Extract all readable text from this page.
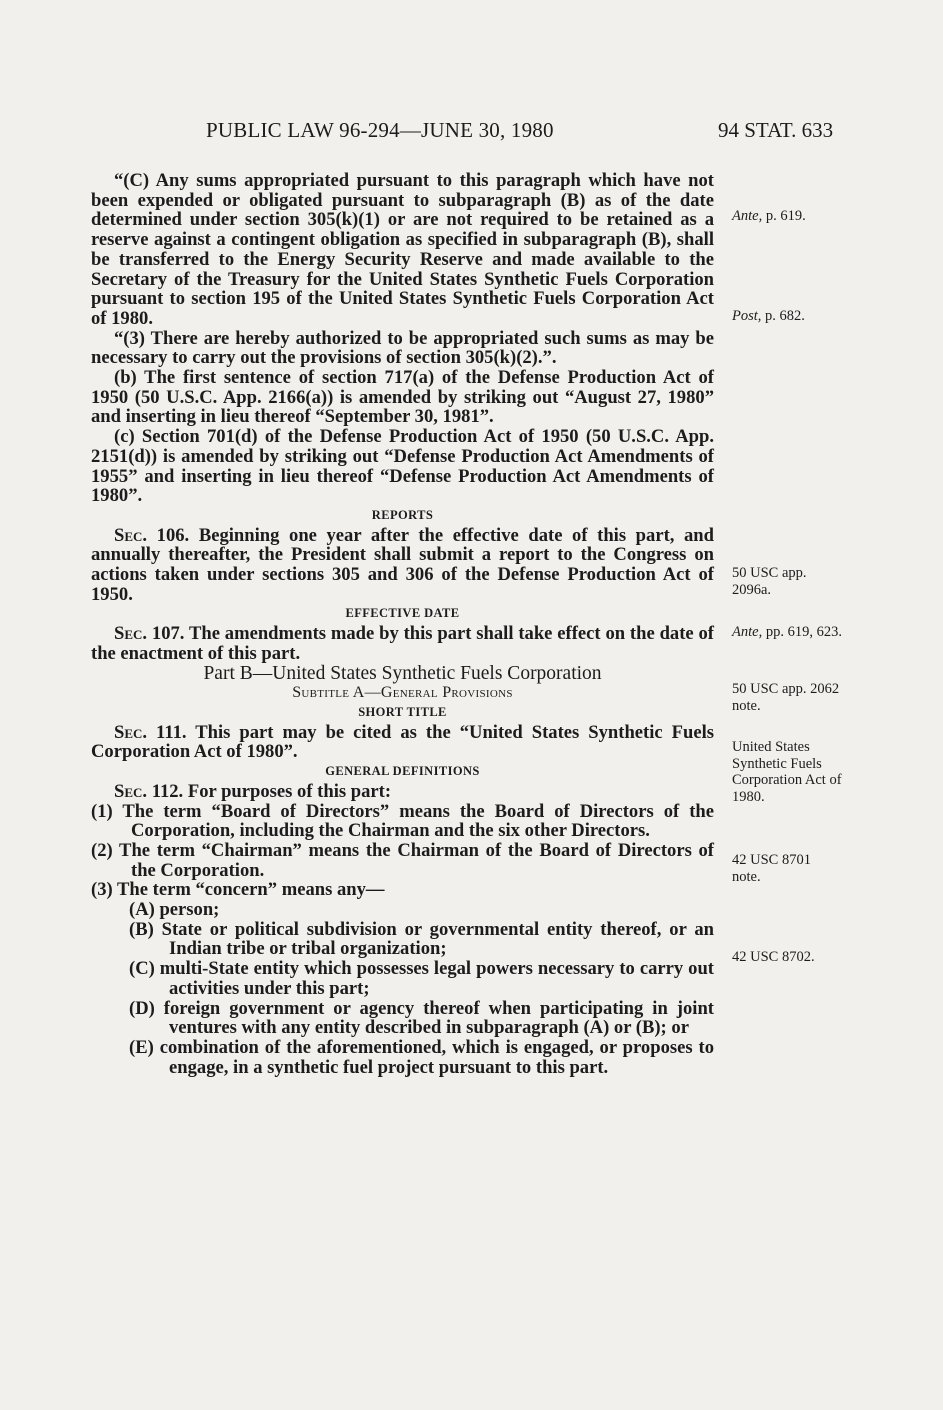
PUBLIC LAW 96-294—JUNE 30, 1980	94 STAT. 633

“(C) Any sums appropriated pursuant to this paragraph which have not been expended or obligated pursuant to subparagraph (B) as of the date determined under section 305(k)(1) or are not required to be retained as a reserve against a contingent obligation as specified in subparagraph (B), shall be transferred to the Energy Security Reserve and made available to the Secretary of the Treasury for the United States Synthetic Fuels Corporation pursuant to section 195 of the United States Synthetic Fuels Corporation Act of 1980.

“(3) There are hereby authorized to be appropriated such sums as may be necessary to carry out the provisions of section 305(k)(2).”.

(b) The first sentence of section 717(a) of the Defense Production Act of 1950 (50 U.S.C. App. 2166(a)) is amended by striking out “August 27, 1980” and inserting in lieu thereof “September 30, 1981”.

(c) Section 701(d) of the Defense Production Act of 1950 (50 U.S.C. App. 2151(d)) is amended by striking out “Defense Production Act Amendments of 1955” and inserting in lieu thereof “Defense Production Act Amendments of 1980”.

REPORTS

Sec. 106. Beginning one year after the effective date of this part, and annually thereafter, the President shall submit a report to the Congress on actions taken under sections 305 and 306 of the Defense Production Act of 1950.

EFFECTIVE DATE

Sec. 107. The amendments made by this part shall take effect on the date of the enactment of this part.

Part B—United States Synthetic Fuels Corporation

Subtitle A—General Provisions

SHORT TITLE

Sec. 111. This part may be cited as the “United States Synthetic Fuels Corporation Act of 1980”.

GENERAL DEFINITIONS

Sec. 112. For purposes of this part:

(1) The term “Board of Directors” means the Board of Directors of the Corporation, including the Chairman and the six other Directors.

(2) The term “Chairman” means the Chairman of the Board of Directors of the Corporation.

(3) The term “concern” means any—

(A) person;

(B) State or political subdivision or governmental entity thereof, or an Indian tribe or tribal organization;

(C) multi-State entity which possesses legal powers necessary to carry out activities under this part;

(D) foreign government or agency thereof when participating in joint ventures with any entity described in subparagraph (A) or (B); or

(E) combination of the aforementioned, which is engaged, or proposes to engage, in a synthetic fuel project pursuant to this part.

Ante, p. 619.
Post, p. 682.
50 USC app. 2096a.
Ante, pp. 619, 623.
50 USC app. 2062 note.
United States Synthetic Fuels Corporation Act of 1980.
42 USC 8701 note.
42 USC 8702.
